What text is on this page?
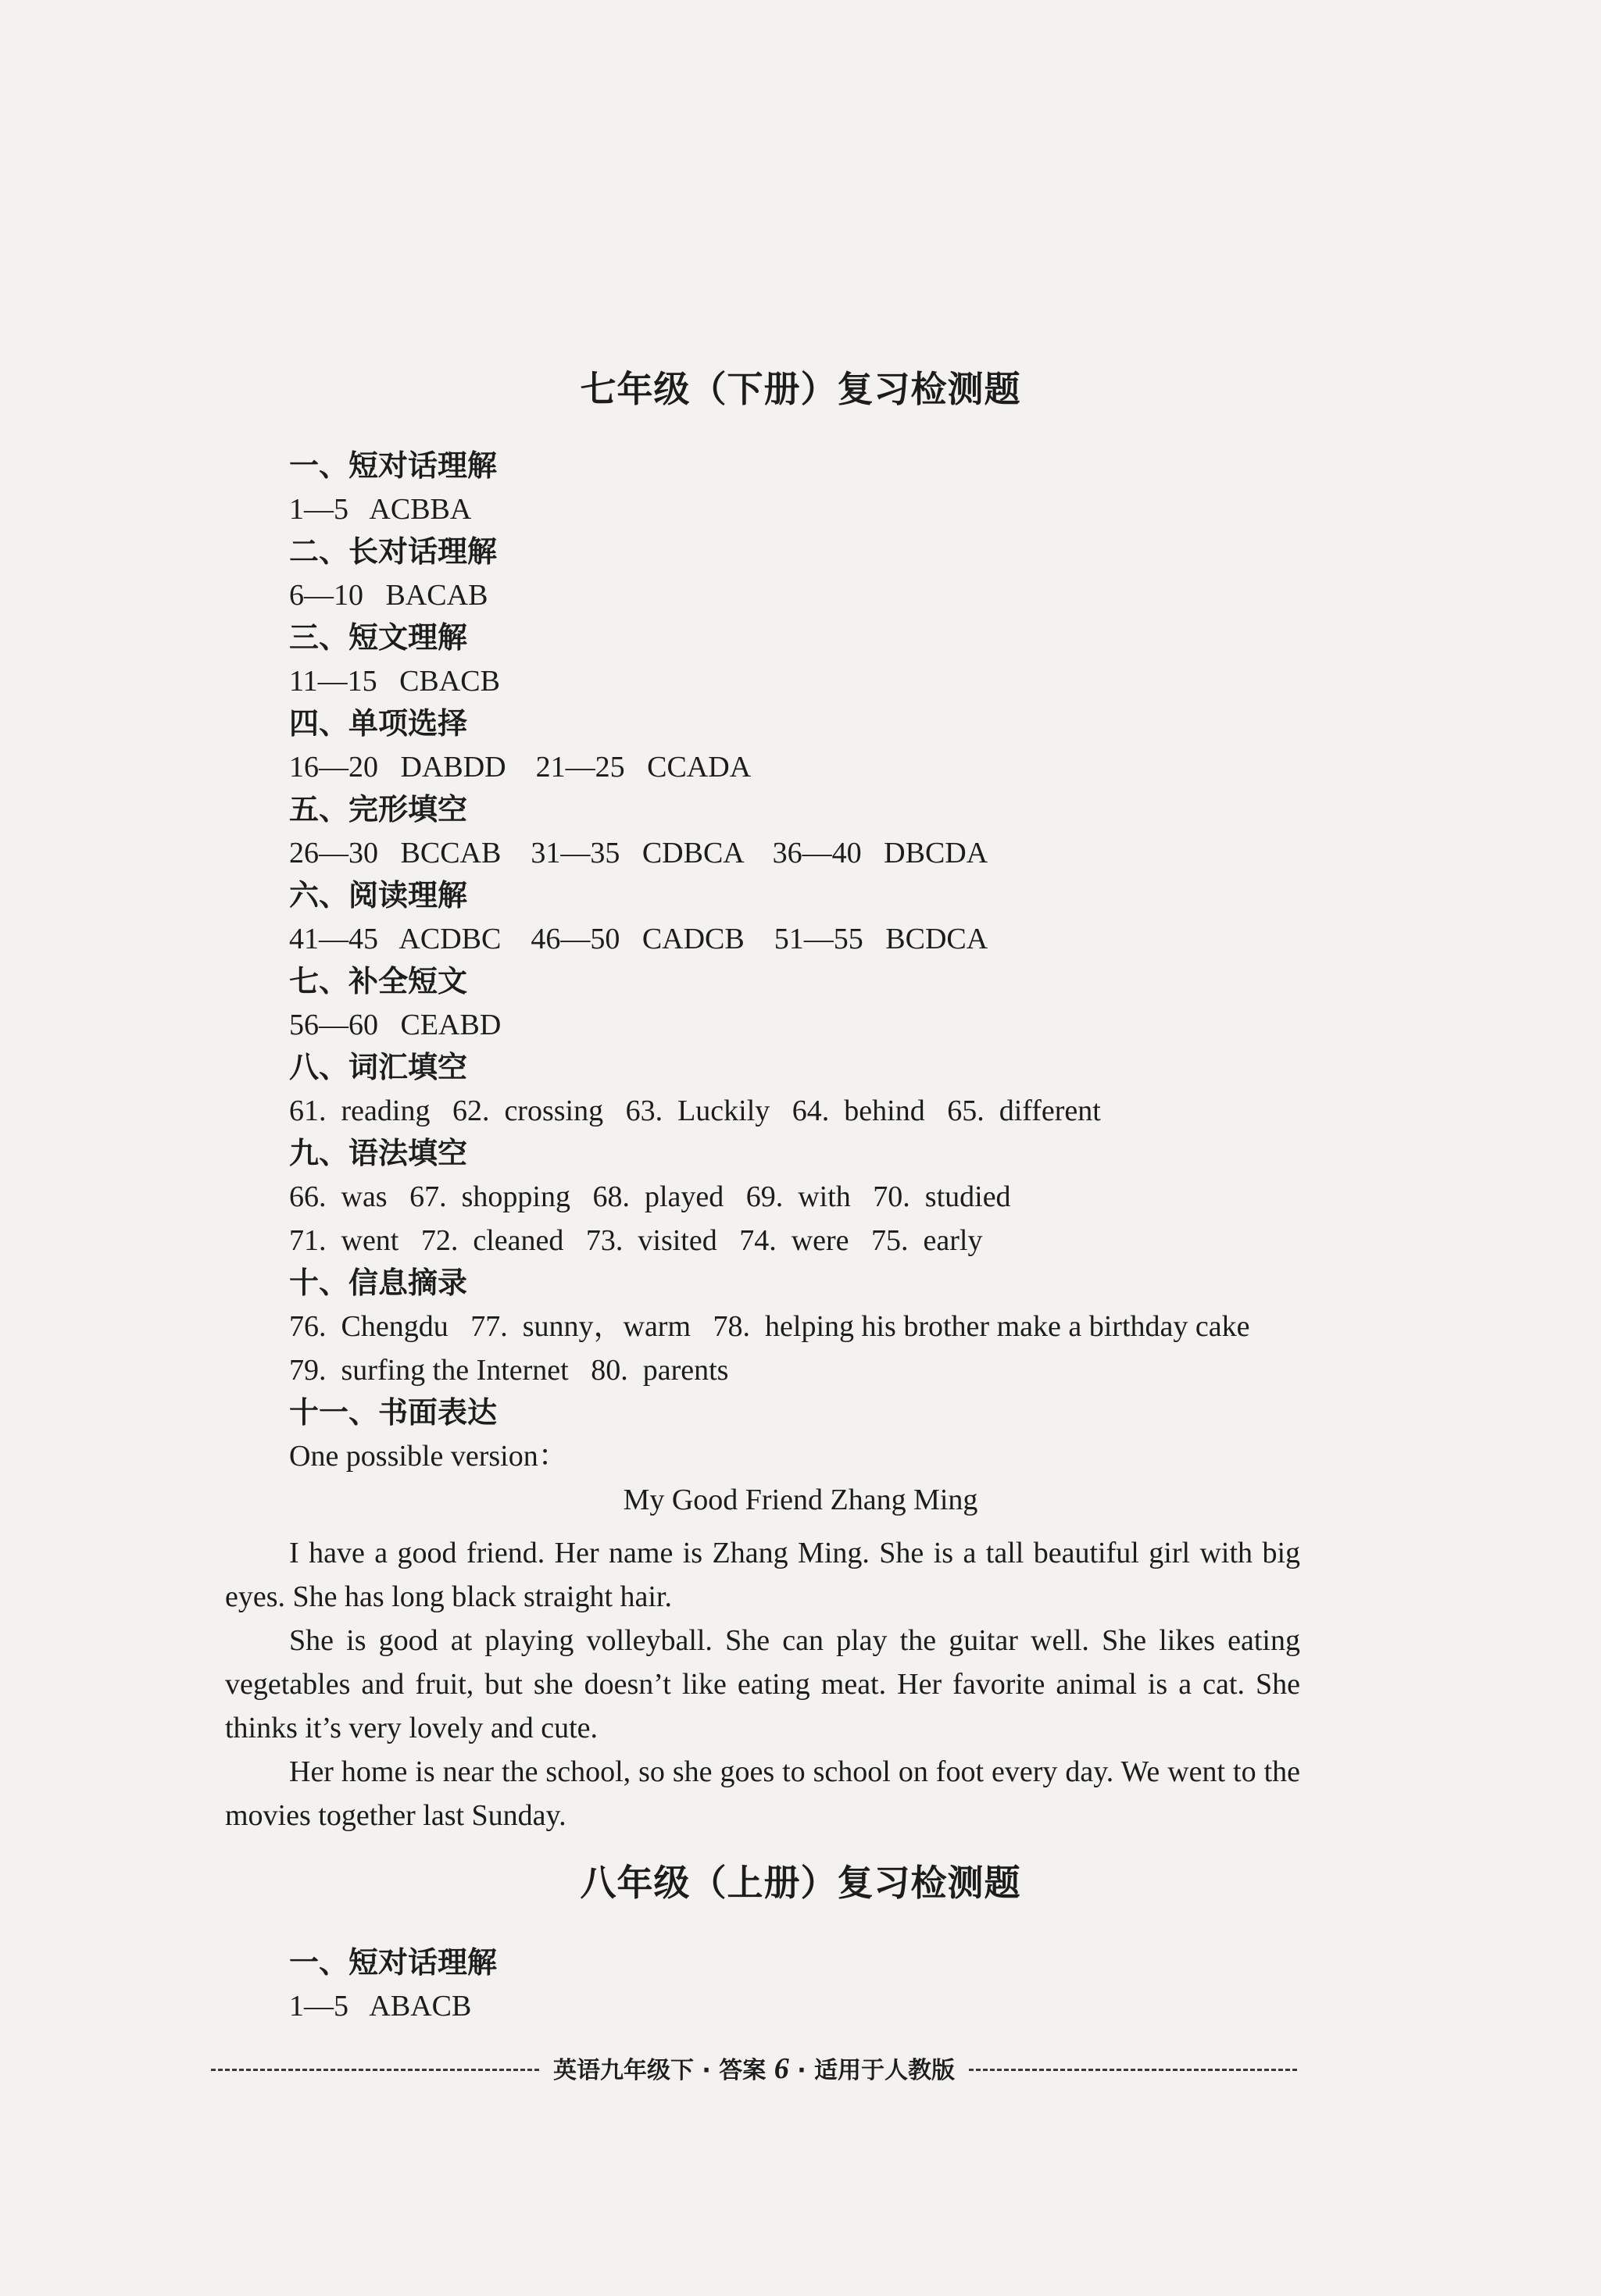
七年级（下册）复习检测题
一、短对话理解
1—5   ACBBA
二、长对话理解
6—10   BACAB
三、短文理解
11—15   CBACB
四、单项选择
16—20   DABDD    21—25   CCADA
五、完形填空
26—30   BCCAB    31—35   CDBCA    36—40   DBCDA
六、阅读理解
41—45   ACDBC    46—50   CADCB    51—55   BCDCA
七、补全短文
56—60   CEABD
八、词汇填空
61.  reading   62.  crossing   63.  Luckily   64.  behind   65.  different
九、语法填空
66.  was   67.  shopping   68.  played   69.  with   70.  studied
71.  went   72.  cleaned   73.  visited   74.  were   75.  early
十、信息摘录
76.  Chengdu   77.  sunny，warm   78.  helping his brother make a birthday cake
79.  surfing the Internet   80.  parents
十一、书面表达
One possible version：
My Good Friend Zhang Ming

I have a good friend. Her name is Zhang Ming. She is a tall beautiful girl with big eyes. She has long black straight hair.

She is good at playing volleyball. She can play the guitar well. She likes eating vegetables and fruit, but she doesn’t like eating meat. Her favorite animal is a cat. She thinks it’s very lovely and cute.

Her home is near the school, so she goes to school on foot every day. We went to the movies together last Sunday.

八年级（上册）复习检测题
一、短对话理解
1—5   ABACB
英语九年级下 · 答案 6 · 适用于人教版
